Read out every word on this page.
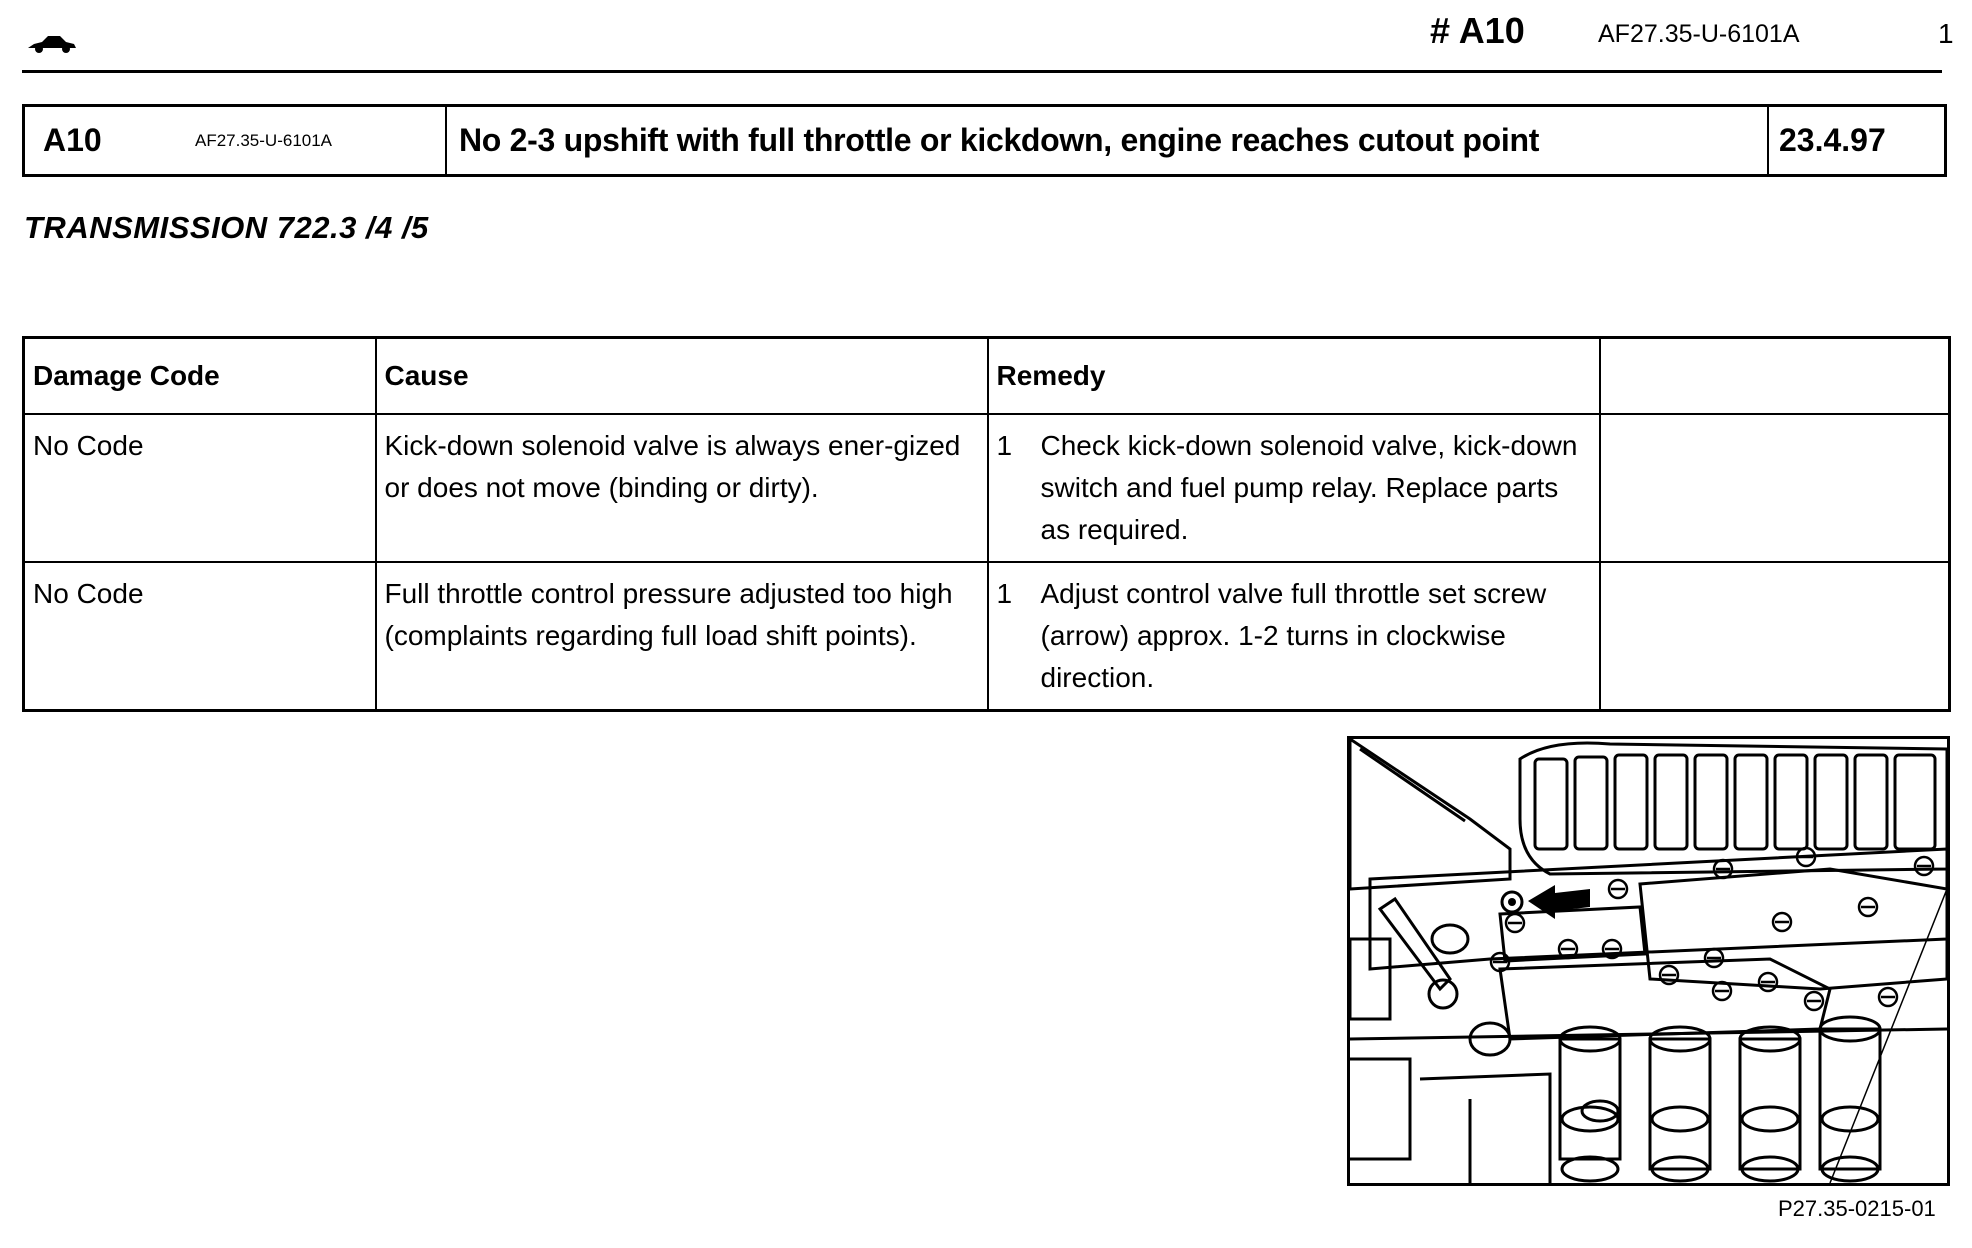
# A10	AF27.35-U-6101A	1
A10	AF27.35-U-6101A	No 2-3 upshift with full throttle or kickdown, engine reaches cutout point	23.4.97
TRANSMISSION 722.3 /4 /5
Damage Code	Cause	Remedy	
No Code	Kick-down solenoid valve is always ener-gized or does not move (binding or dirty).	1 Check kick-down solenoid valve, kick-down switch and fuel pump relay. Replace parts as required.	

No Code	Full throttle control pressure adjusted too high (complaints regarding full load shift points).	1 Adjust control valve full throttle set screw (arrow) approx. 1-2 turns in clockwise direction.	

P27.35-0215-01
